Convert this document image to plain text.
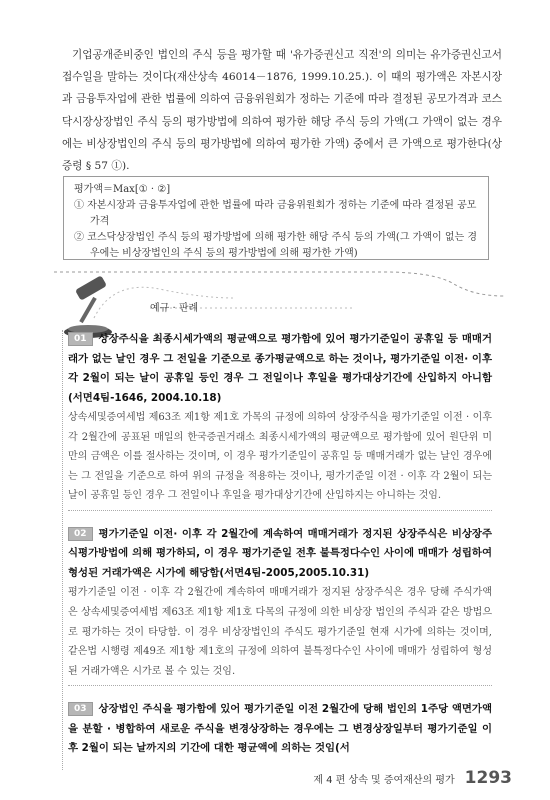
기업공개준비중인 법인의 주식 등을 평가할 때 '유가증권신고 직전'의 의미는 유가증권신고서접수일을 말하는 것이다(재산상속 46014－1876, 1999.10.25.). 이 때의 평가액은 자본시장과 금융투자업에 관한 법률에 의하여 금융위원회가 정하는 기준에 따라 결정된 공모가격과 코스닥시장상장법인 주식 등의 평가방법에 의하여 평가한 해당 주식 등의 가액(그 가액이 없는 경우에는 비상장법인의 주식 등의 평가방법에 의하여 평가한 가액) 중에서 큰 가액으로 평가한다(상증령 § 57 ①).

평가액＝Max[① · ②]
① 자본시장과 금융투자업에 관한 법률에 따라 금융위원회가 정하는 기준에 따라 결정된 공모가격
② 코스닥상장법인 주식 등의 평가방법에 의해 평가한 해당 주식 등의 가액(그 가액이 없는 경우에는 비상장법인의 주식 등의 평가방법에 의해 평가한 가액)
예규 · 판례
01 상장주식을 최종시세가액의 평균액으로 평가함에 있어 평가기준일이 공휴일 등 매매거래가 없는 날인 경우 그 전일을 기준으로 종가평균액으로 하는 것이나, 평가기준일 이전· 이후 각 2월이 되는 날이 공휴일 등인 경우 그 전일이나 후일을 평가대상기간에 산입하지 아니함(서면4팀-1646, 2004.10.18)
상속세및증여세법 제63조 제1항 제1호 가목의 규정에 의하여 상장주식을 평가기준일 이전 · 이후 각 2월간에 공표된 매일의 한국증권거래소 최종시세가액의 평균액으로 평가함에 있어 원단위 미만의 금액은 이를 절사하는 것이며, 이 경우 평가기준일이 공휴일 등 매매거래가 없는 날인 경우에는 그 전일을 기준으로 하여 위의 규정을 적용하는 것이나, 평가기준일 이전 · 이후 각 2월이 되는 날이 공휴일 등인 경우 그 전일이나 후일을 평가대상기간에 산입하지는 아니하는 것임.
02 평가기준일 이전· 이후 각 2월간에 계속하여 매매거래가 정지된 상장주식은 비상장주식평가방법에 의해 평가하되, 이 경우 평가기준일 전후 불특정다수인 사이에 매매가 성립하여 형성된 거래가액은 시가에 해당함(서면4팀-2005,2005.10.31)
평가기준일 이전 · 이후 각 2월간에 계속하여 매매거래가 정지된 상장주식은 경우 당해 주식가액은 상속세및증여세법 제63조 제1항 제1호 다목의 규정에 의한 비상장 법인의 주식과 같은 방법으로 평가하는 것이 타당함. 이 경우 비상장법인의 주식도 평가기준일 현재 시가에 의하는 것이며, 같은법 시행령 제49조 제1항 제1호의 규정에 의하여 불특정다수인 사이에 매매가 성립하여 형성된 거래가액은 시가로 볼 수 있는 것임.
03 상장법인 주식을 평가함에 있어 평가기준일 이전 2월간에 당해 법인의 1주당 액면가액을 분할 · 병합하여 새로운 주식을 변경상장하는 경우에는 그 변경상장일부터 평가기준일 이후 2월이 되는 날까지의 기간에 대한 평균액에 의하는 것임(서
제 4 편 상속 및 증여재산의 평가 1293
